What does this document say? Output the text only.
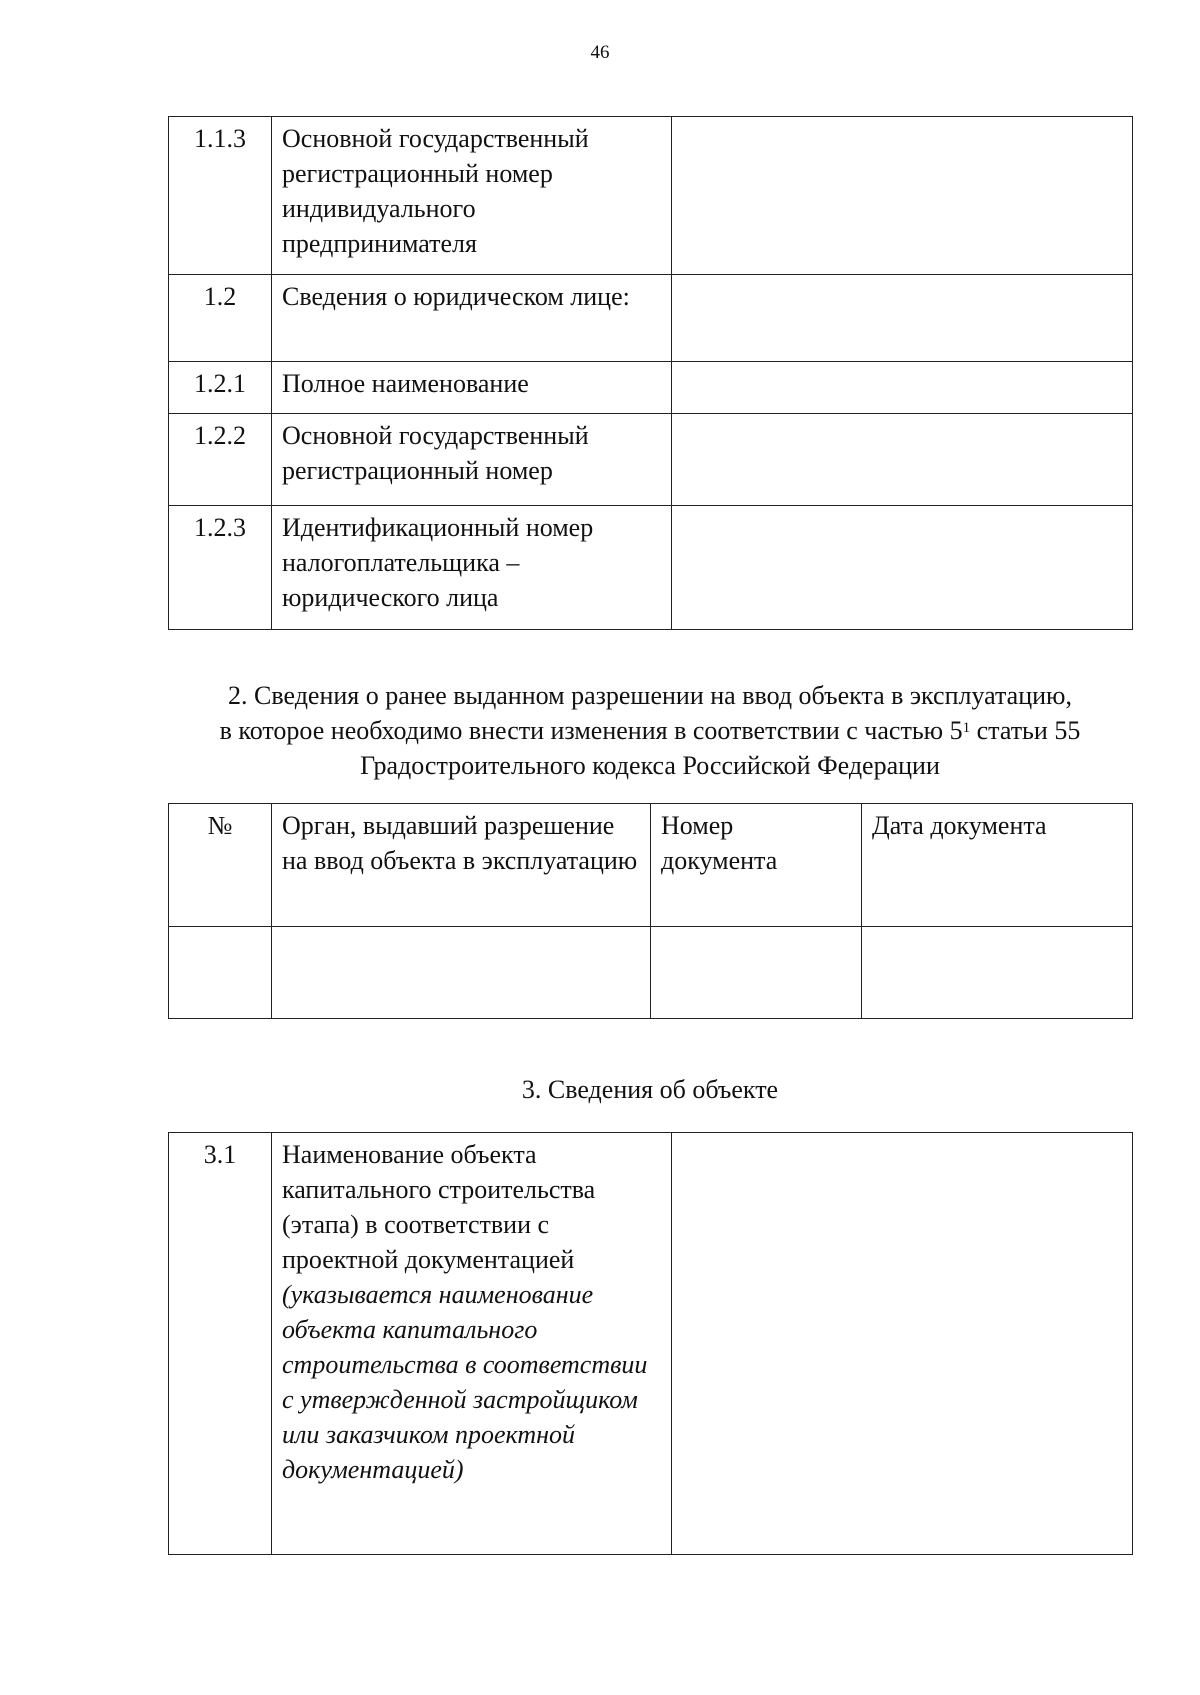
46
1.1.3	Основной государственный регистрационный номер индивидуального предпринимателя	
1.2	Сведения о юридическом лице:	
1.2.1	Полное наименование	
1.2.2	Основной государственный регистрационный номер	
1.2.3	Идентификационный номер налогоплательщика – юридического лица	
2. Сведения о ранее выданном разрешении на ввод объекта в эксплуатацию,
в которое необходимо внести изменения в соответствии с частью $5^1$ статьи 55
Градостроительного кодекса Российской Федерации
№	Орган, выдавший разрешение на ввод объекта в эксплуатацию	Номер документа	Дата документа

3. Сведения об объекте
3.1	Наименование объекта капитального строительства (этапа) в соответствии с проектной документацией
(указывается наименование объекта капитального строительства в соответствии с утвержденной застройщиком или заказчиком проектной документацией)
